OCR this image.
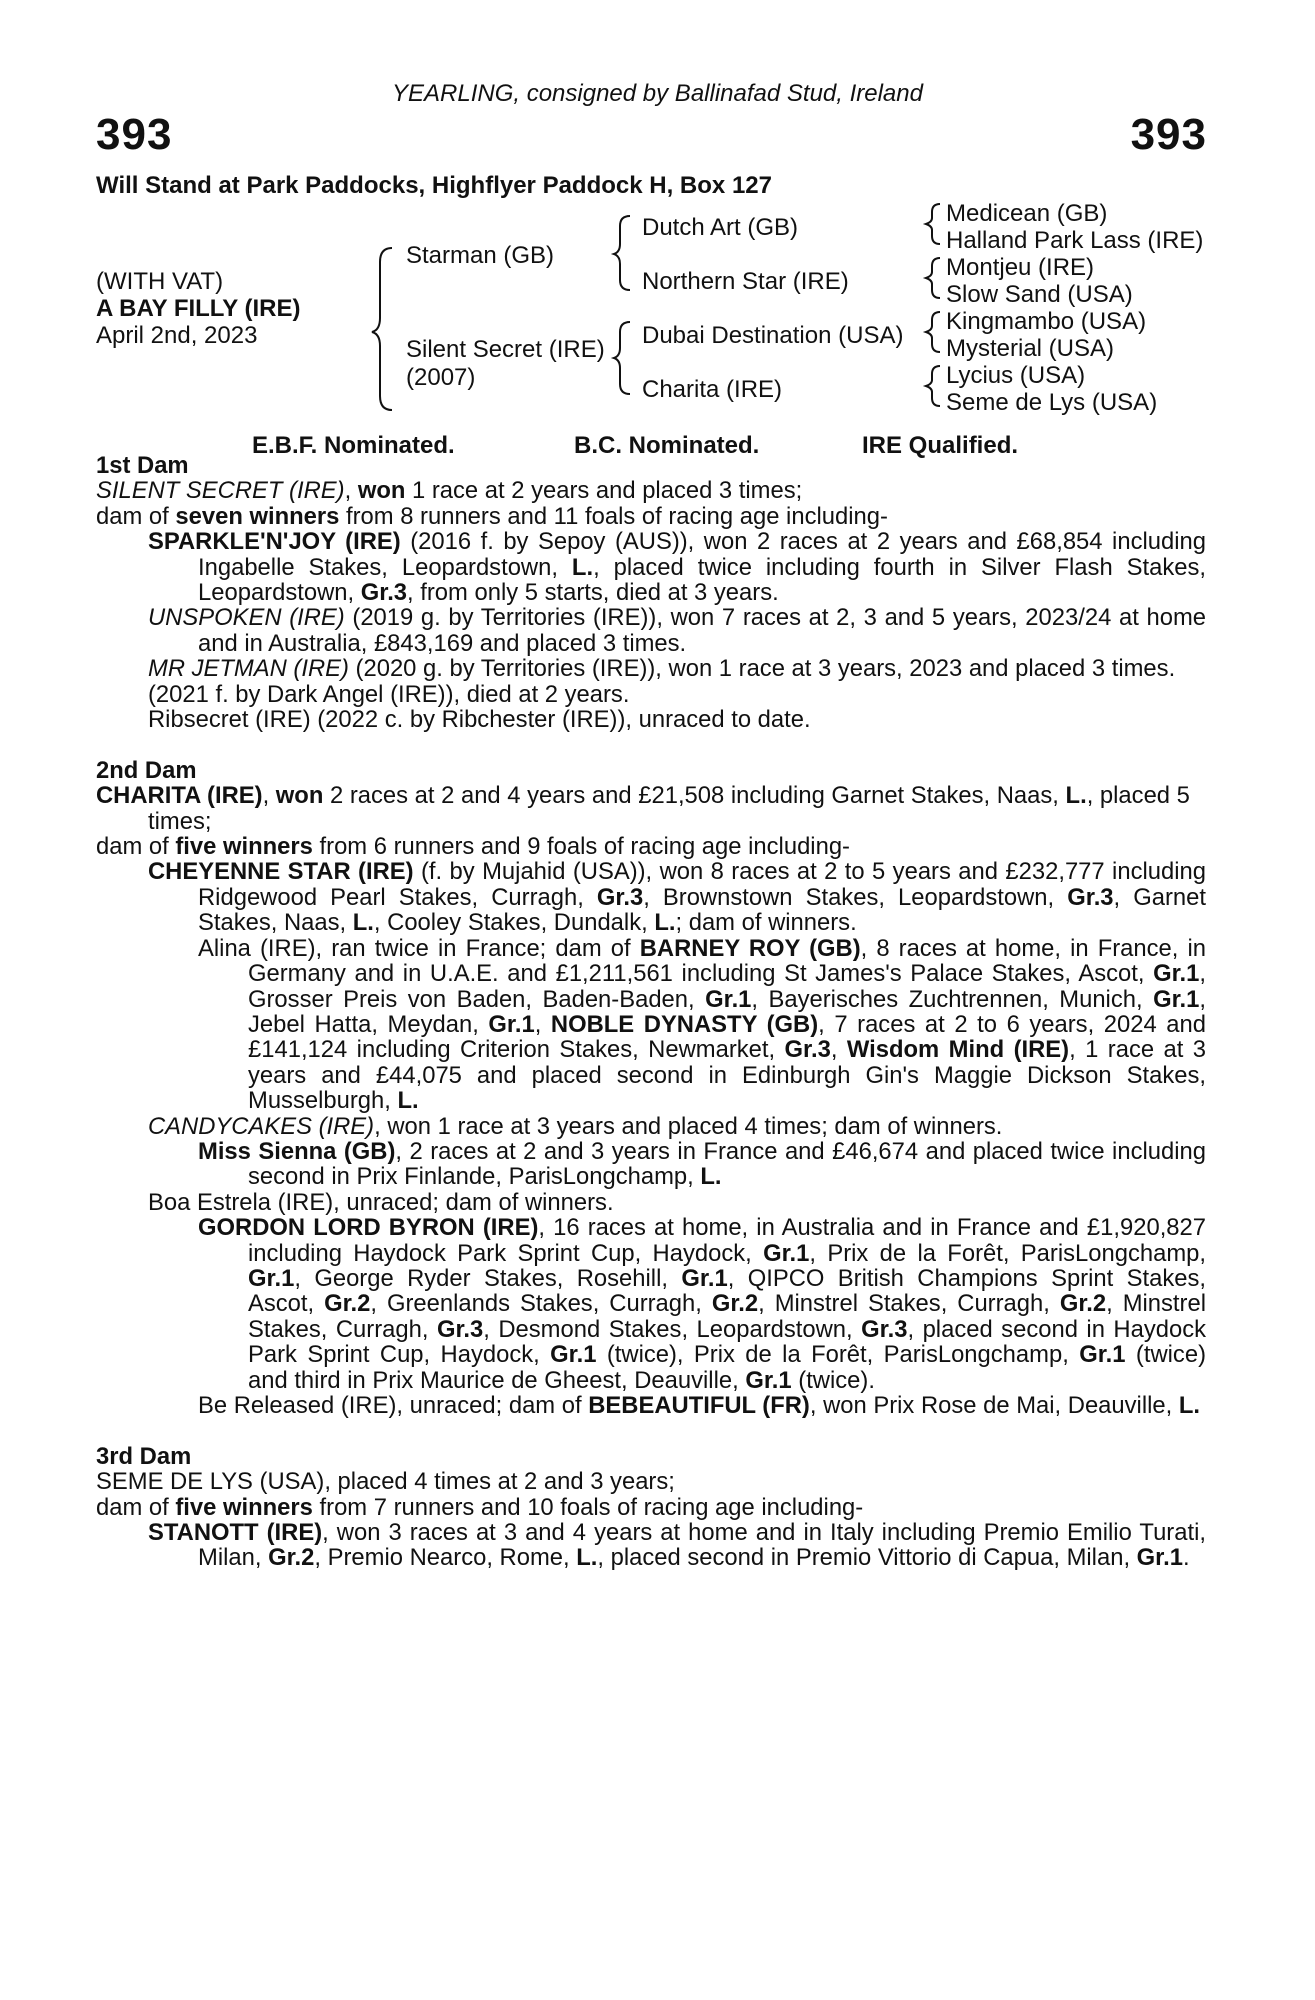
YEARLING, consigned by Ballinafad Stud, Ireland
393	393
Will Stand at Park Paddocks, Highflyer Paddock H, Box 127
(WITH VAT)
A BAY FILLY (IRE)
April 2nd, 2023
Starman (GB)
Silent Secret (IRE)
(2007)
Dutch Art (GB)
Northern Star (IRE)
Dubai Destination (USA)
Charita (IRE)
Medicean (GB)
Halland Park Lass (IRE)
Montjeu (IRE)
Slow Sand (USA)
Kingmambo (USA)
Mysterial (USA)
Lycius (USA)
Seme de Lys (USA)
E.B.F. Nominated.	B.C. Nominated.	IRE Qualified.

1st Dam

SILENT SECRET (IRE), won 1 race at 2 years and placed 3 times;

dam of seven winners from 8 runners and 11 foals of racing age including-

SPARKLE'N'JOY (IRE) (2016 f. by Sepoy (AUS)), won 2 races at 2 years and £68,854 including Ingabelle Stakes, Leopardstown, L., placed twice including fourth in Silver Flash Stakes, Leopardstown, Gr.3, from only 5 starts, died at 3 years.

UNSPOKEN (IRE) (2019 g. by Territories (IRE)), won 7 races at 2, 3 and 5 years, 2023/24 at home and in Australia, £843,169 and placed 3 times.

MR JETMAN (IRE) (2020 g. by Territories (IRE)), won 1 race at 3 years, 2023 and placed 3 times.

(2021 f. by Dark Angel (IRE)), died at 2 years.

Ribsecret (IRE) (2022 c. by Ribchester (IRE)), unraced to date.

2nd Dam

CHARITA (IRE), won 2 races at 2 and 4 years and £21,508 including Garnet Stakes, Naas, L., placed 5 times;

dam of five winners from 6 runners and 9 foals of racing age including-

CHEYENNE STAR (IRE) (f. by Mujahid (USA)), won 8 races at 2 to 5 years and £232,777 including Ridgewood Pearl Stakes, Curragh, Gr.3, Brownstown Stakes, Leopardstown, Gr.3, Garnet Stakes, Naas, L., Cooley Stakes, Dundalk, L.; dam of winners.

Alina (IRE), ran twice in France; dam of BARNEY ROY (GB), 8 races at home, in France, in Germany and in U.A.E. and £1,211,561 including St James's Palace Stakes, Ascot, Gr.1, Grosser Preis von Baden, Baden-Baden, Gr.1, Bayerisches Zuchtrennen, Munich, Gr.1, Jebel Hatta, Meydan, Gr.1, NOBLE DYNASTY (GB), 7 races at 2 to 6 years, 2024 and £141,124 including Criterion Stakes, Newmarket, Gr.3, Wisdom Mind (IRE), 1 race at 3 years and £44,075 and placed second in Edinburgh Gin's Maggie Dickson Stakes, Musselburgh, L.

CANDYCAKES (IRE), won 1 race at 3 years and placed 4 times; dam of winners.

Miss Sienna (GB), 2 races at 2 and 3 years in France and £46,674 and placed twice including second in Prix Finlande, ParisLongchamp, L.

Boa Estrela (IRE), unraced; dam of winners.

GORDON LORD BYRON (IRE), 16 races at home, in Australia and in France and £1,920,827 including Haydock Park Sprint Cup, Haydock, Gr.1, Prix de la Forêt, ParisLongchamp, Gr.1, George Ryder Stakes, Rosehill, Gr.1, QIPCO British Champions Sprint Stakes, Ascot, Gr.2, Greenlands Stakes, Curragh, Gr.2, Minstrel Stakes, Curragh, Gr.2, Minstrel Stakes, Curragh, Gr.3, Desmond Stakes, Leopardstown, Gr.3, placed second in Haydock Park Sprint Cup, Haydock, Gr.1 (twice), Prix de la Forêt, ParisLongchamp, Gr.1 (twice) and third in Prix Maurice de Gheest, Deauville, Gr.1 (twice).

Be Released (IRE), unraced; dam of BEBEAUTIFUL (FR), won Prix Rose de Mai, Deauville, L.

3rd Dam

SEME DE LYS (USA), placed 4 times at 2 and 3 years;

dam of five winners from 7 runners and 10 foals of racing age including-

STANOTT (IRE), won 3 races at 3 and 4 years at home and in Italy including Premio Emilio Turati, Milan, Gr.2, Premio Nearco, Rome, L., placed second in Premio Vittorio di Capua, Milan, Gr.1.
